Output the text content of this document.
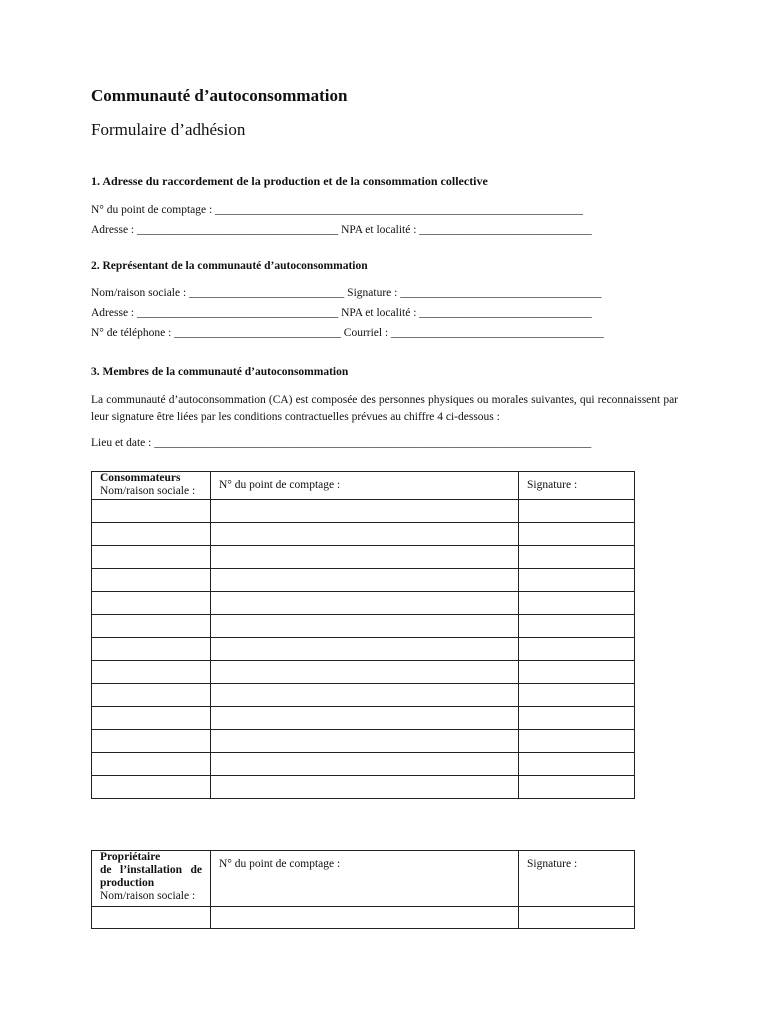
Communauté d’autoconsommation
Formulaire d’adhésion
1. Adresse du raccordement de la production et de la consommation collective
N° du point de comptage : ________________________________________________________________
Adresse : ___________________________________ NPA et localité : ______________________________
2. Représentant de la communauté d’autoconsommation
Nom/raison sociale : ___________________________ Signature : ___________________________________
Adresse : ___________________________________ NPA et localité : ______________________________
N° de téléphone : _____________________________ Courriel : _____________________________________
3. Membres de la communauté d’autoconsommation
La communauté d’autoconsommation (CA) est composée des personnes physiques ou morales suivantes, qui reconnaissent par leur signature être liées par les conditions contractuelles prévues au chiffre 4 ci-dessous :
Lieu et date : ____________________________________________________________________________
Consommateurs
Nom/raison sociale :	N° du point de comptage :	Signature :

Propriétaire
de l’installation de
production
Nom/raison sociale :	N° du point de comptage :	Signature :
